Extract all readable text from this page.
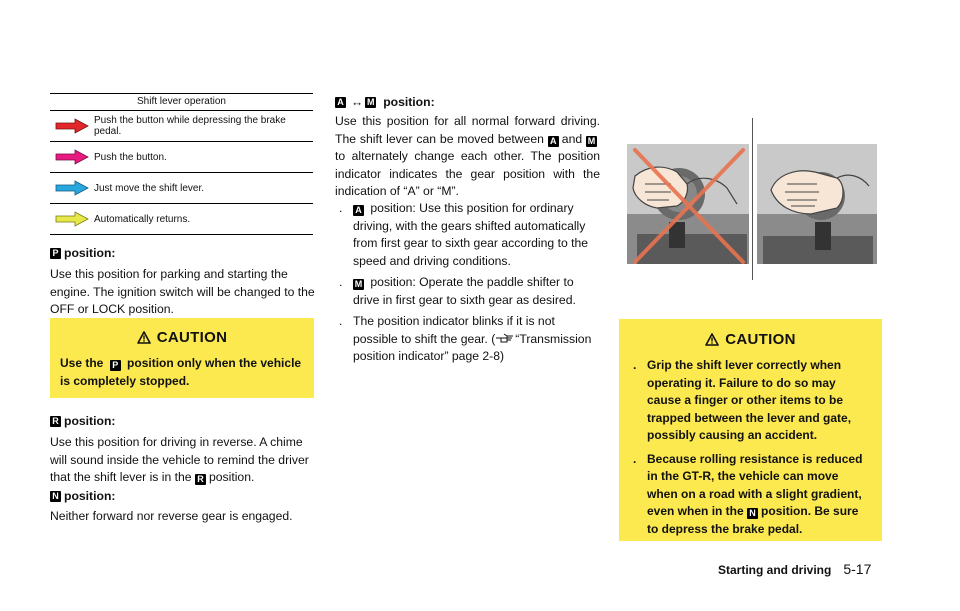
Shift lever operation
Push the button while depressing the brake pedal.
Push the button.
Just move the shift lever.
Automatically returns.
P position:
Use this position for parking and starting the engine. The ignition switch will be changed to the OFF or LOCK position.
CAUTION
Use the P position only when the vehicle is completely stopped.
R position:
Use this position for driving in reverse. A chime will sound inside the vehicle to remind the driver that the shift lever is in the R position.
N position:
Neither forward nor reverse gear is engaged.
A ↔ M position:
Use this position for all normal forward driving. The shift lever can be moved between A and M to alternately change each other. The position indicator indicates the gear position with the indication of “A” or “M”.
. A position: Use this position for ordinary driving, with the gears shifted automatically from first gear to sixth gear according to the speed and driving conditions.
. M position: Operate the paddle shifter to drive in first gear to sixth gear as desired.
. The position indicator blinks if it is not possible to shift the gear. ( “Transmission position indicator” page 2-8)
CAUTION
. Grip the shift lever correctly when operating it. Failure to do so may cause a finger or other items to be trapped between the lever and gate, possibly causing an accident.
. Because rolling resistance is reduced in the GT-R, the vehicle can move when on a road with a slight gradient, even when in the N position. Be sure to depress the brake pedal.
Starting and driving 5-17
